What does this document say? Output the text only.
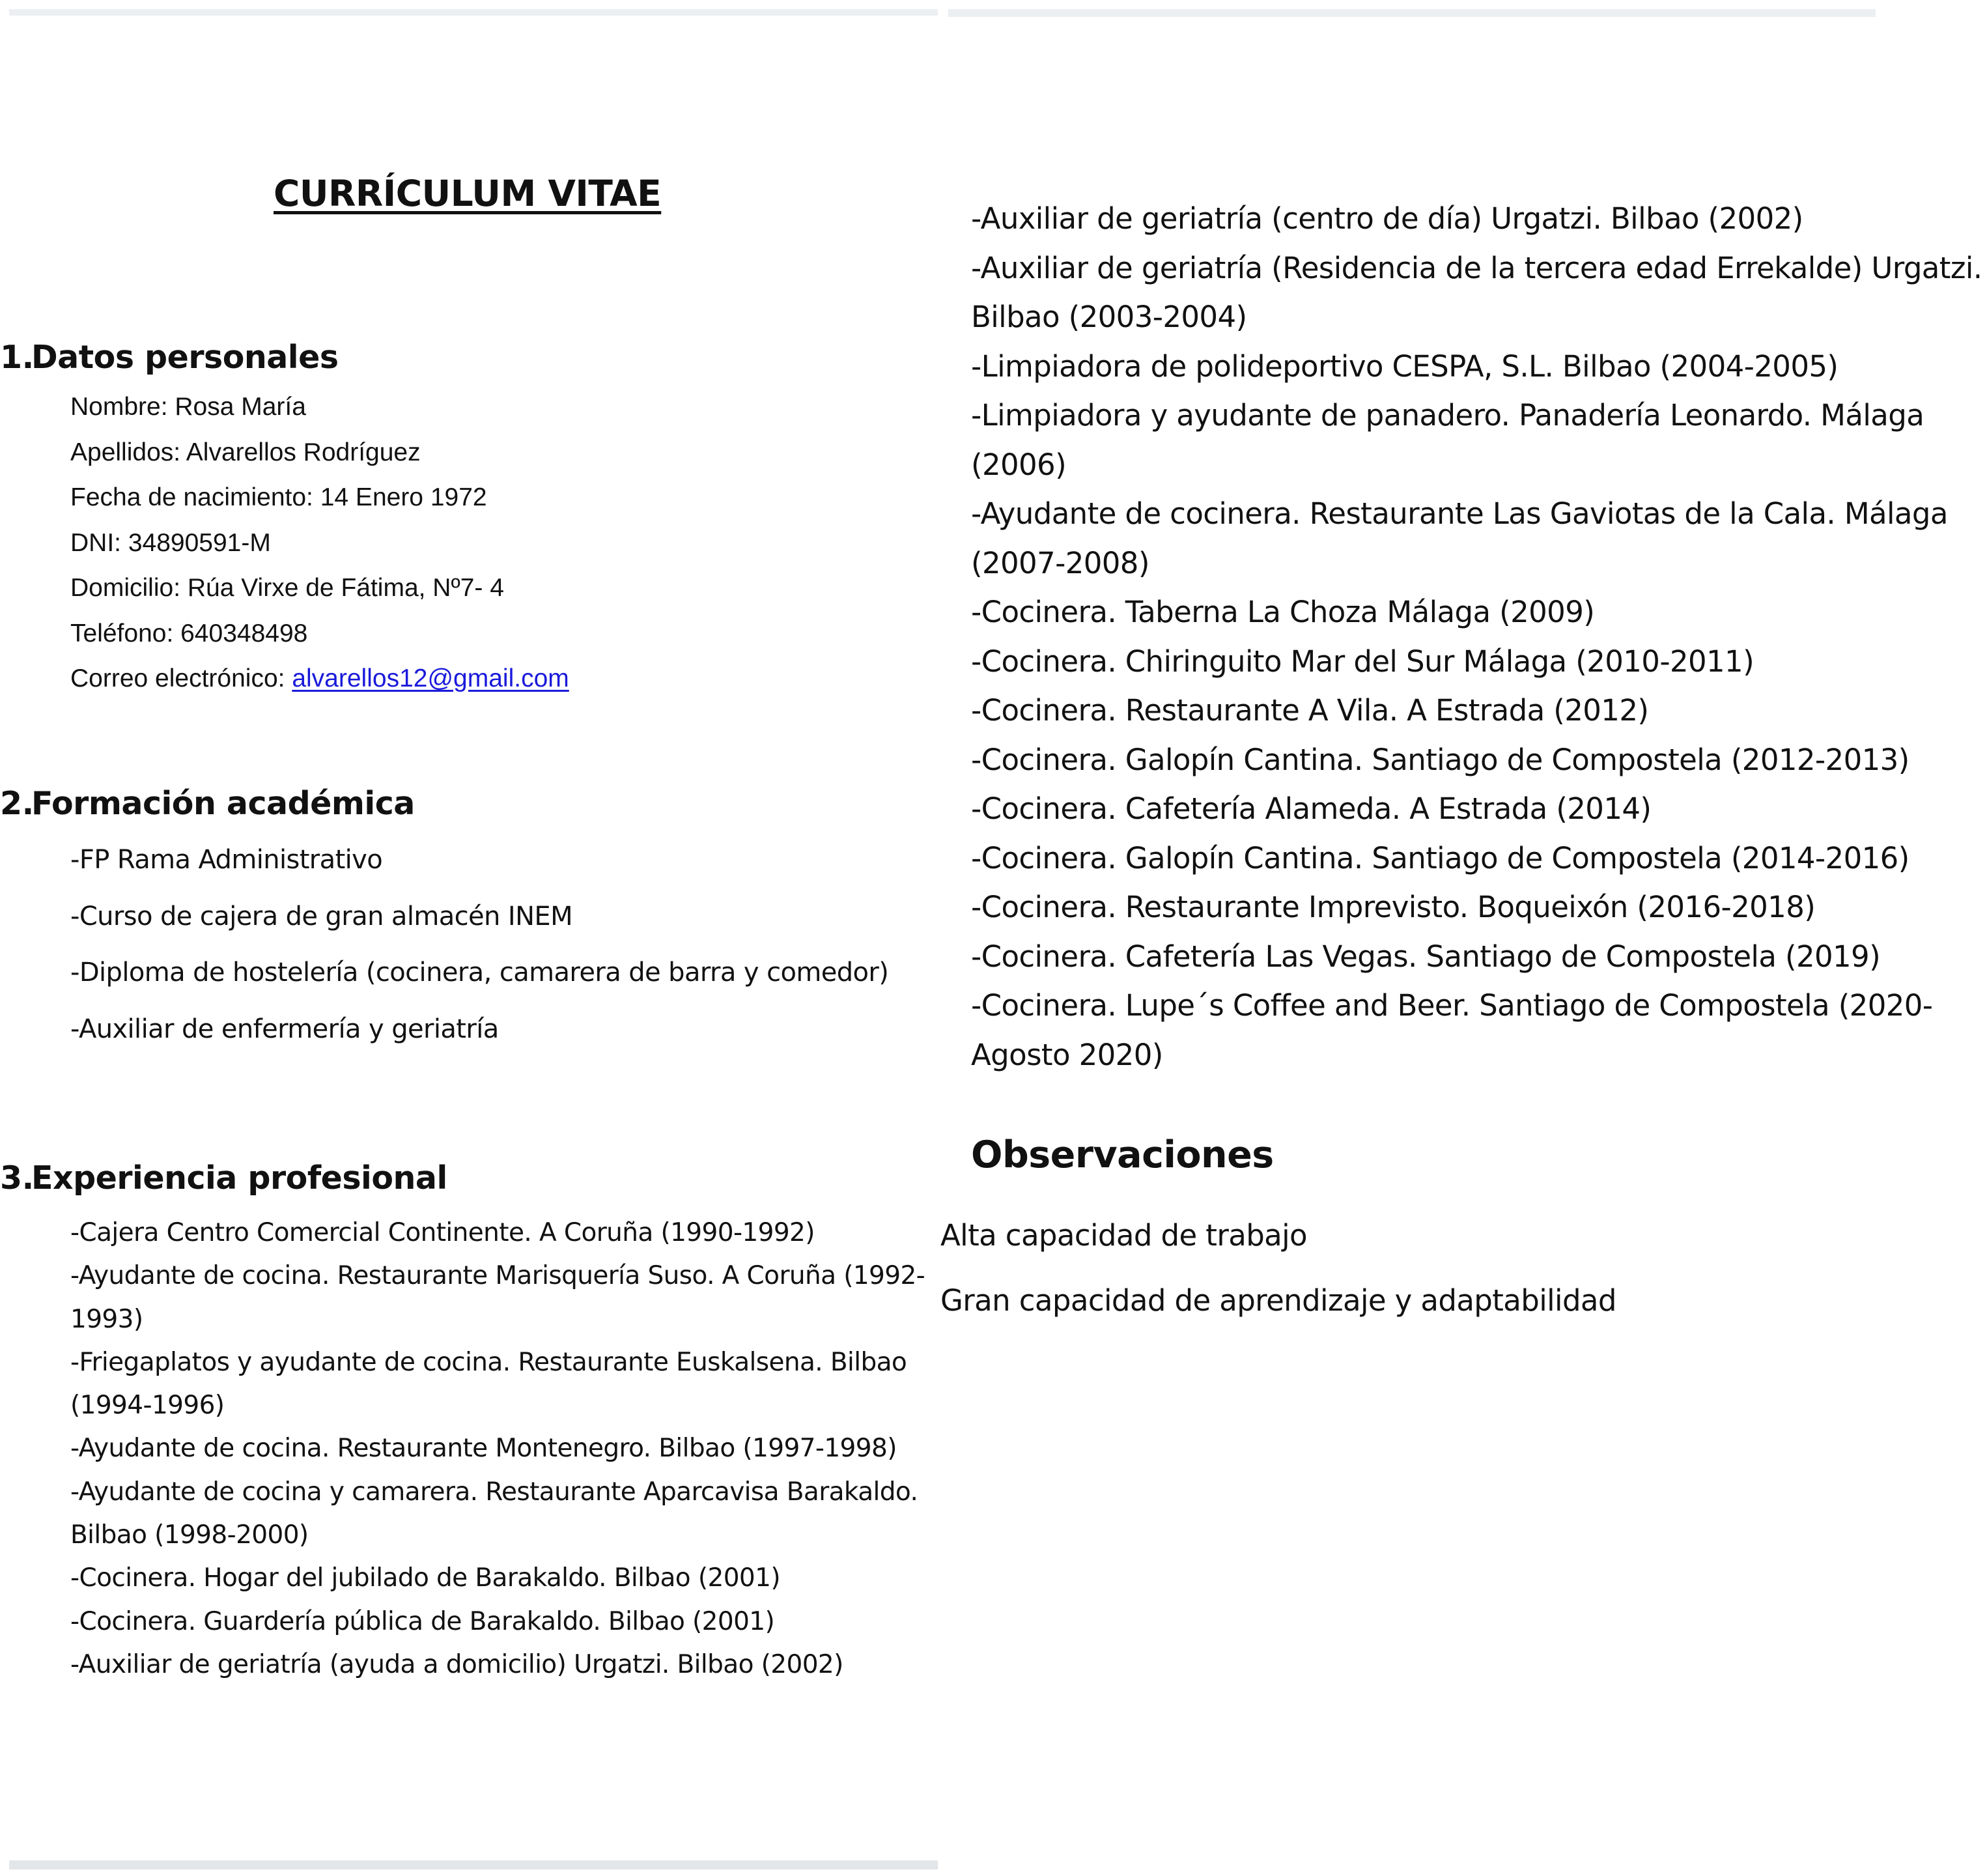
CURRÍCULUM VITAE
1.Datos personales
Nombre: Rosa María
Apellidos: Alvarellos Rodríguez
Fecha de nacimiento: 14 Enero 1972
DNI: 34890591-M
Domicilio: Rúa Virxe de Fátima, Nº7- 4
Teléfono: 640348498
Correo electrónico: alvarellos12@gmail.com
2.Formación académica
-FP Rama Administrativo
-Curso de cajera de gran almacén INEM
-Diploma de hostelería (cocinera, camarera de barra y comedor)
-Auxiliar de enfermería y geriatría
3.Experiencia profesional
-Cajera Centro Comercial Continente. A Coruña (1990-1992)
-Ayudante de cocina. Restaurante Marisquería Suso. A Coruña (1992-1993)
-Friegaplatos y ayudante de cocina. Restaurante Euskalsena. Bilbao (1994-1996)
-Ayudante de cocina. Restaurante Montenegro. Bilbao (1997-1998)
-Ayudante de cocina y camarera. Restaurante Aparcavisa Barakaldo. Bilbao (1998-2000)
-Cocinera. Hogar del jubilado de Barakaldo. Bilbao (2001)
-Cocinera. Guardería pública de Barakaldo. Bilbao (2001)
-Auxiliar de geriatría (ayuda a domicilio) Urgatzi. Bilbao (2002)
-Auxiliar de geriatría (centro de día) Urgatzi. Bilbao (2002)
-Auxiliar de geriatría (Residencia de la tercera edad Errekalde) Urgatzi. Bilbao (2003-2004)
-Limpiadora de polideportivo CESPA, S.L. Bilbao (2004-2005)
-Limpiadora y ayudante de panadero. Panadería Leonardo. Málaga (2006)
-Ayudante de cocinera. Restaurante Las Gaviotas de la Cala. Málaga (2007-2008)
-Cocinera. Taberna La Choza Málaga (2009)
-Cocinera. Chiringuito Mar del Sur Málaga (2010-2011)
-Cocinera. Restaurante A Vila. A Estrada (2012)
-Cocinera. Galopín Cantina. Santiago de Compostela (2012-2013)
-Cocinera. Cafetería Alameda. A Estrada (2014)
-Cocinera. Galopín Cantina. Santiago de Compostela (2014-2016)
-Cocinera. Restaurante Imprevisto. Boqueixón (2016-2018)
-Cocinera. Cafetería Las Vegas. Santiago de Compostela (2019)
-Cocinera. Lupe´s Coffee and Beer. Santiago de Compostela (2020- Agosto 2020)
Observaciones
Alta capacidad de trabajo
Gran capacidad de aprendizaje y adaptabilidad
